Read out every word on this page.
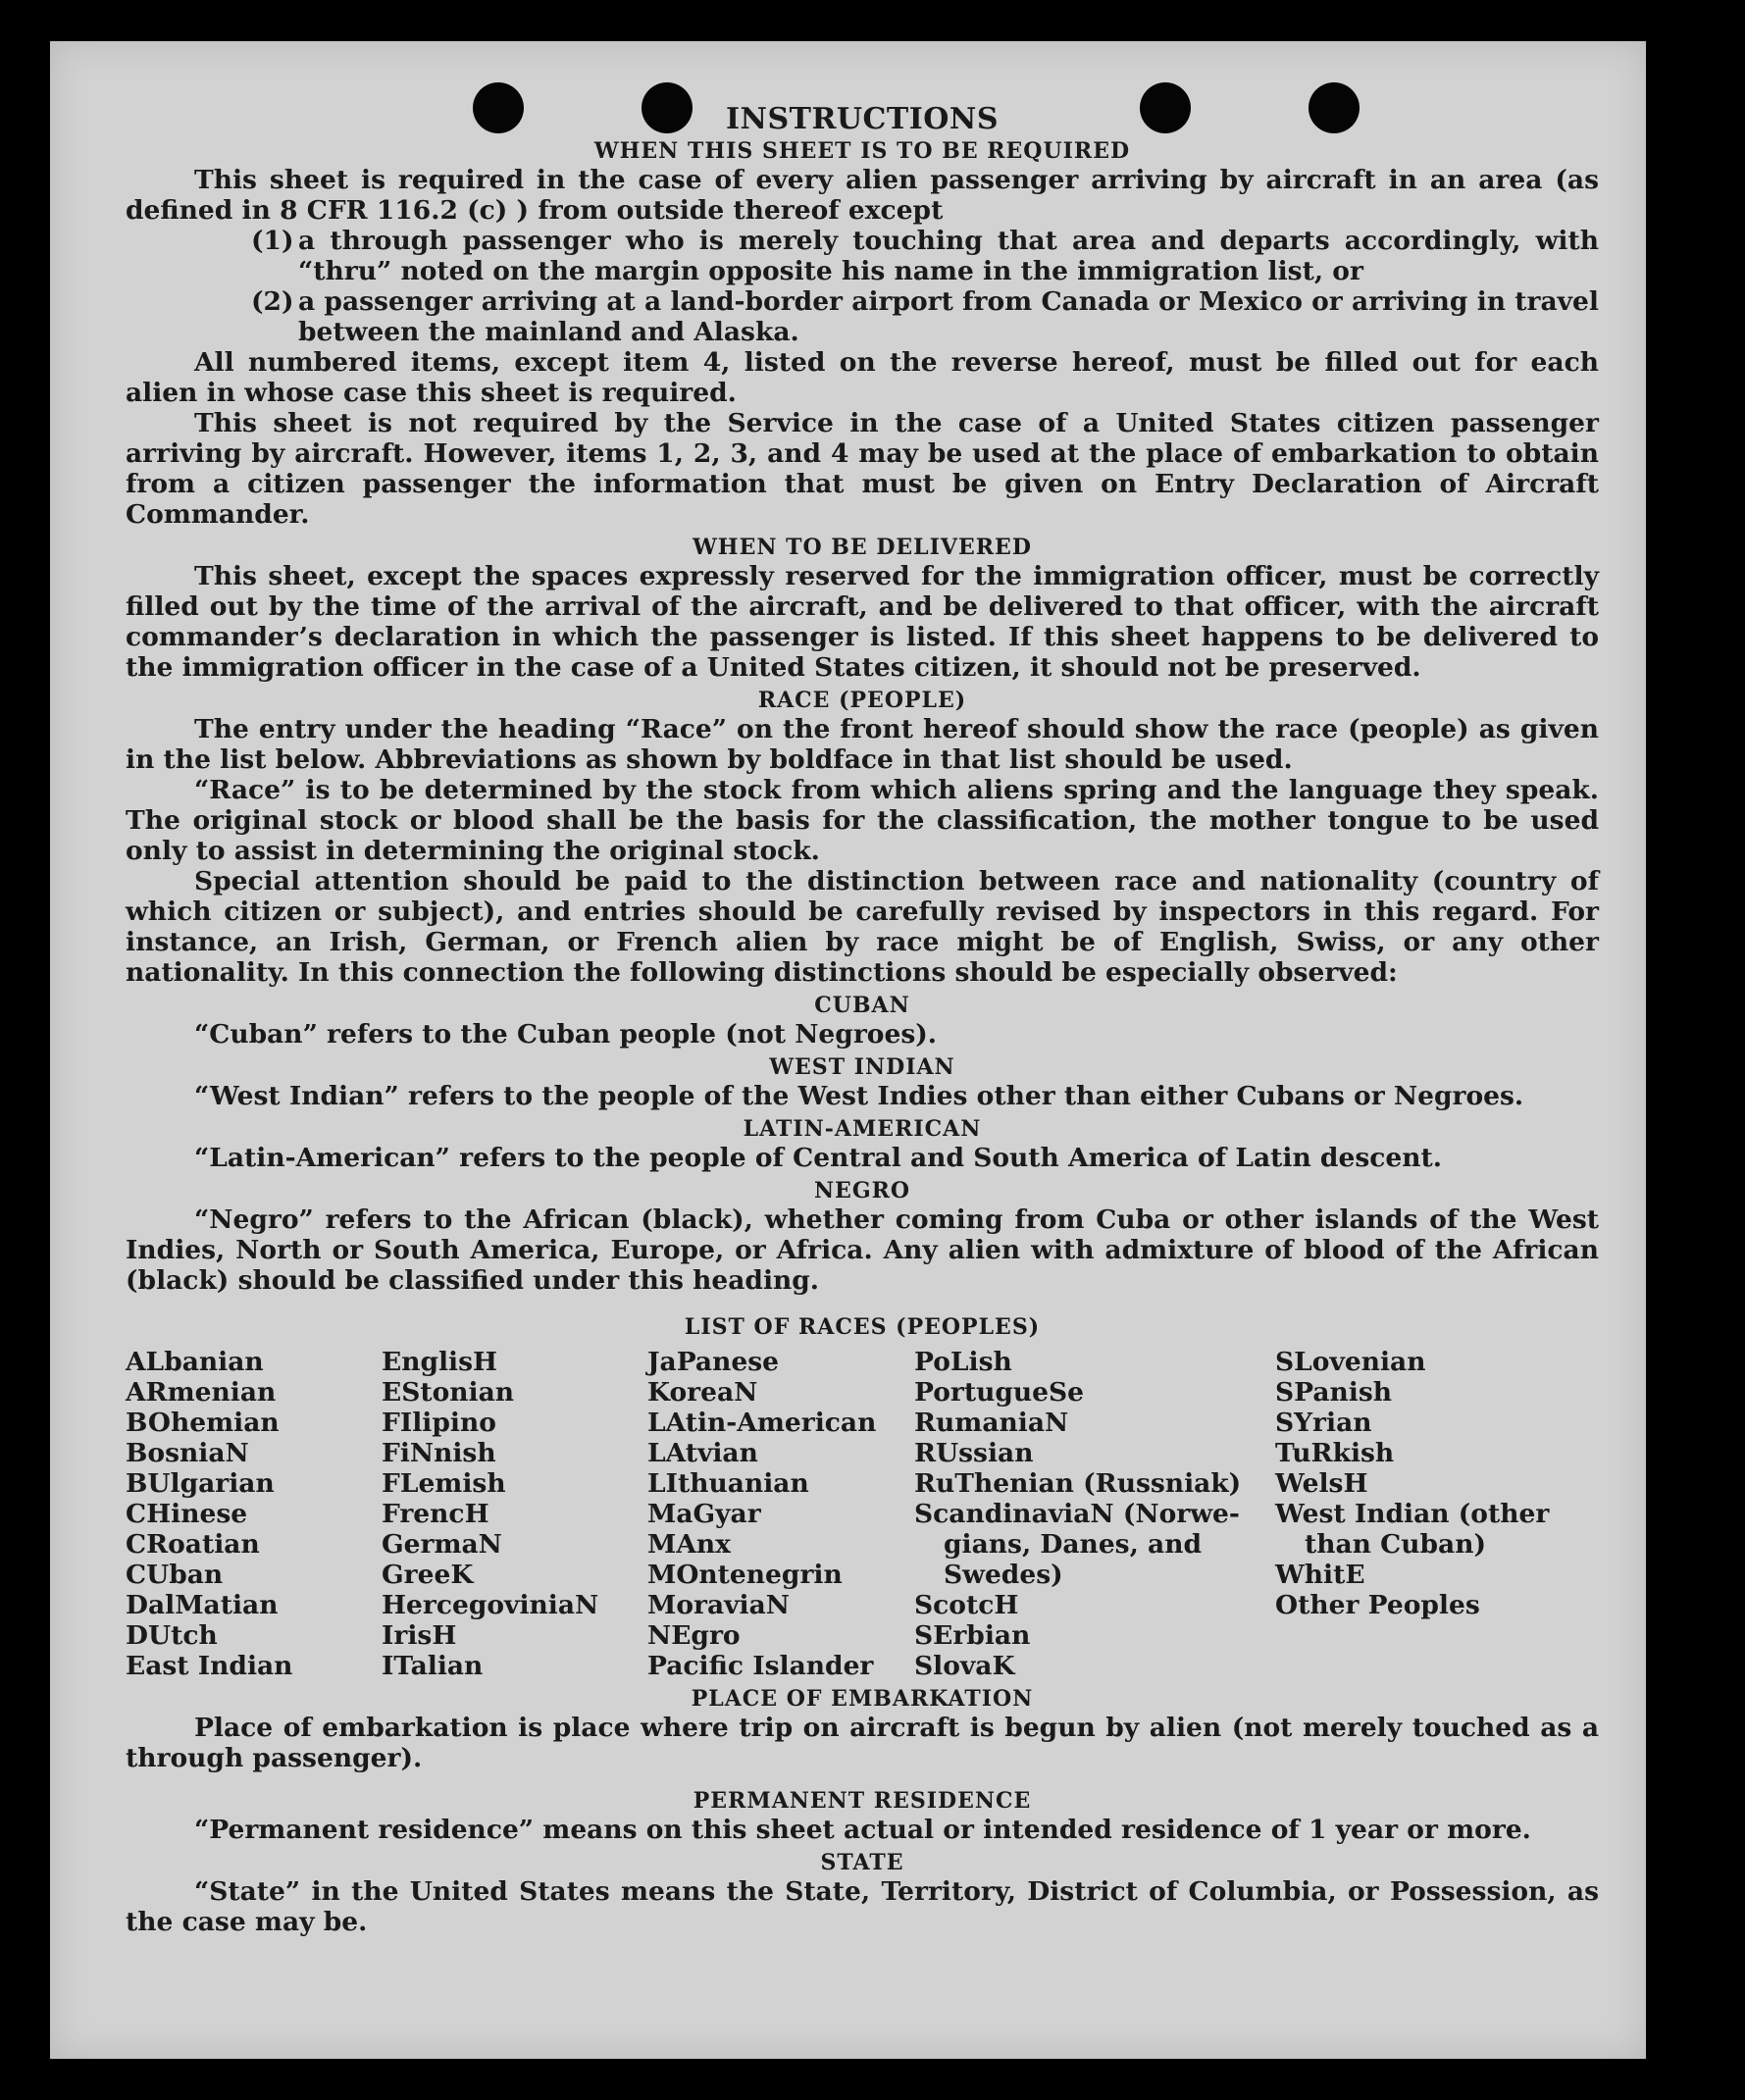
INSTRUCTIONS
WHEN THIS SHEET IS TO BE REQUIRED

This sheet is required in the case of every alien passenger arriving by aircraft in an area (as defined in 8 CFR 116.2 (c) ) from outside thereof except

(1) a through passenger who is merely touching that area and departs accordingly, with “thru” noted on the margin opposite his name in the immigration list, or

(2) a passenger arriving at a land-border airport from Canada or Mexico or arriving in travel between the mainland and Alaska.

All numbered items, except item 4, listed on the reverse hereof, must be filled out for each alien in whose case this sheet is required.

This sheet is not required by the Service in the case of a United States citizen passenger arriving by aircraft. However, items 1, 2, 3, and 4 may be used at the place of embarkation to obtain from a citizen passenger the information that must be given on Entry Declaration of Aircraft Commander.

WHEN TO BE DELIVERED

This sheet, except the spaces expressly reserved for the immigration officer, must be correctly filled out by the time of the arrival of the aircraft, and be delivered to that officer, with the aircraft commander’s declaration in which the passenger is listed. If this sheet happens to be delivered to the immigration officer in the case of a United States citizen, it should not be preserved.

RACE (PEOPLE)

The entry under the heading “Race” on the front hereof should show the race (people) as given in the list below. Abbreviations as shown by boldface in that list should be used.

“Race” is to be determined by the stock from which aliens spring and the language they speak. The original stock or blood shall be the basis for the classification, the mother tongue to be used only to assist in determining the original stock.

Special attention should be paid to the distinction between race and nationality (country of which citizen or subject), and entries should be carefully revised by inspectors in this regard. For instance, an Irish, German, or French alien by race might be of English, Swiss, or any other nationality. In this connection the following distinctions should be especially observed:

CUBAN

“Cuban” refers to the Cuban people (not Negroes).

WEST INDIAN

“West Indian” refers to the people of the West Indies other than either Cubans or Negroes.

LATIN-AMERICAN

“Latin-American” refers to the people of Central and South America of Latin descent.

NEGRO

“Negro” refers to the African (black), whether coming from Cuba or other islands of the West Indies, North or South America, Europe, or Africa. Any alien with admixture of blood of the African (black) should be classified under this heading.

LIST OF RACES (PEOPLES)
ALbanian
ARmenian
BOhemian
BosniaN
BUlgarian
CHinese
CRoatian
CUban
DalMatian
DUtch
East Indian
EnglisH
EStonian
FIlipino
FiNnish
FLemish
FrencH
GermaN
GreeK
HercegoviniaN
IrisH
ITalian
JaPanese
KoreaN
LAtin-American
LAtvian
LIthuanian
MaGyar
MAnx
MOntenegrin
MoraviaN
NEgro
Pacific Islander
PoLish
PortugueSe
RumaniaN
RUssian
RuThenian (Russniak)
ScandinaviaN (Norwe-
gians, Danes, and
Swedes)
ScotcH
SErbian
SlovaK
SLovenian
SPanish
SYrian
TuRkish
WelsH
West Indian (other than Cuban)
WhitE
Other Peoples
PLACE OF EMBARKATION

Place of embarkation is place where trip on aircraft is begun by alien (not merely touched as a through passenger).

PERMANENT RESIDENCE

“Permanent residence” means on this sheet actual or intended residence of 1 year or more.

STATE

“State” in the United States means the State, Territory, District of Columbia, or Possession, as the case may be.
